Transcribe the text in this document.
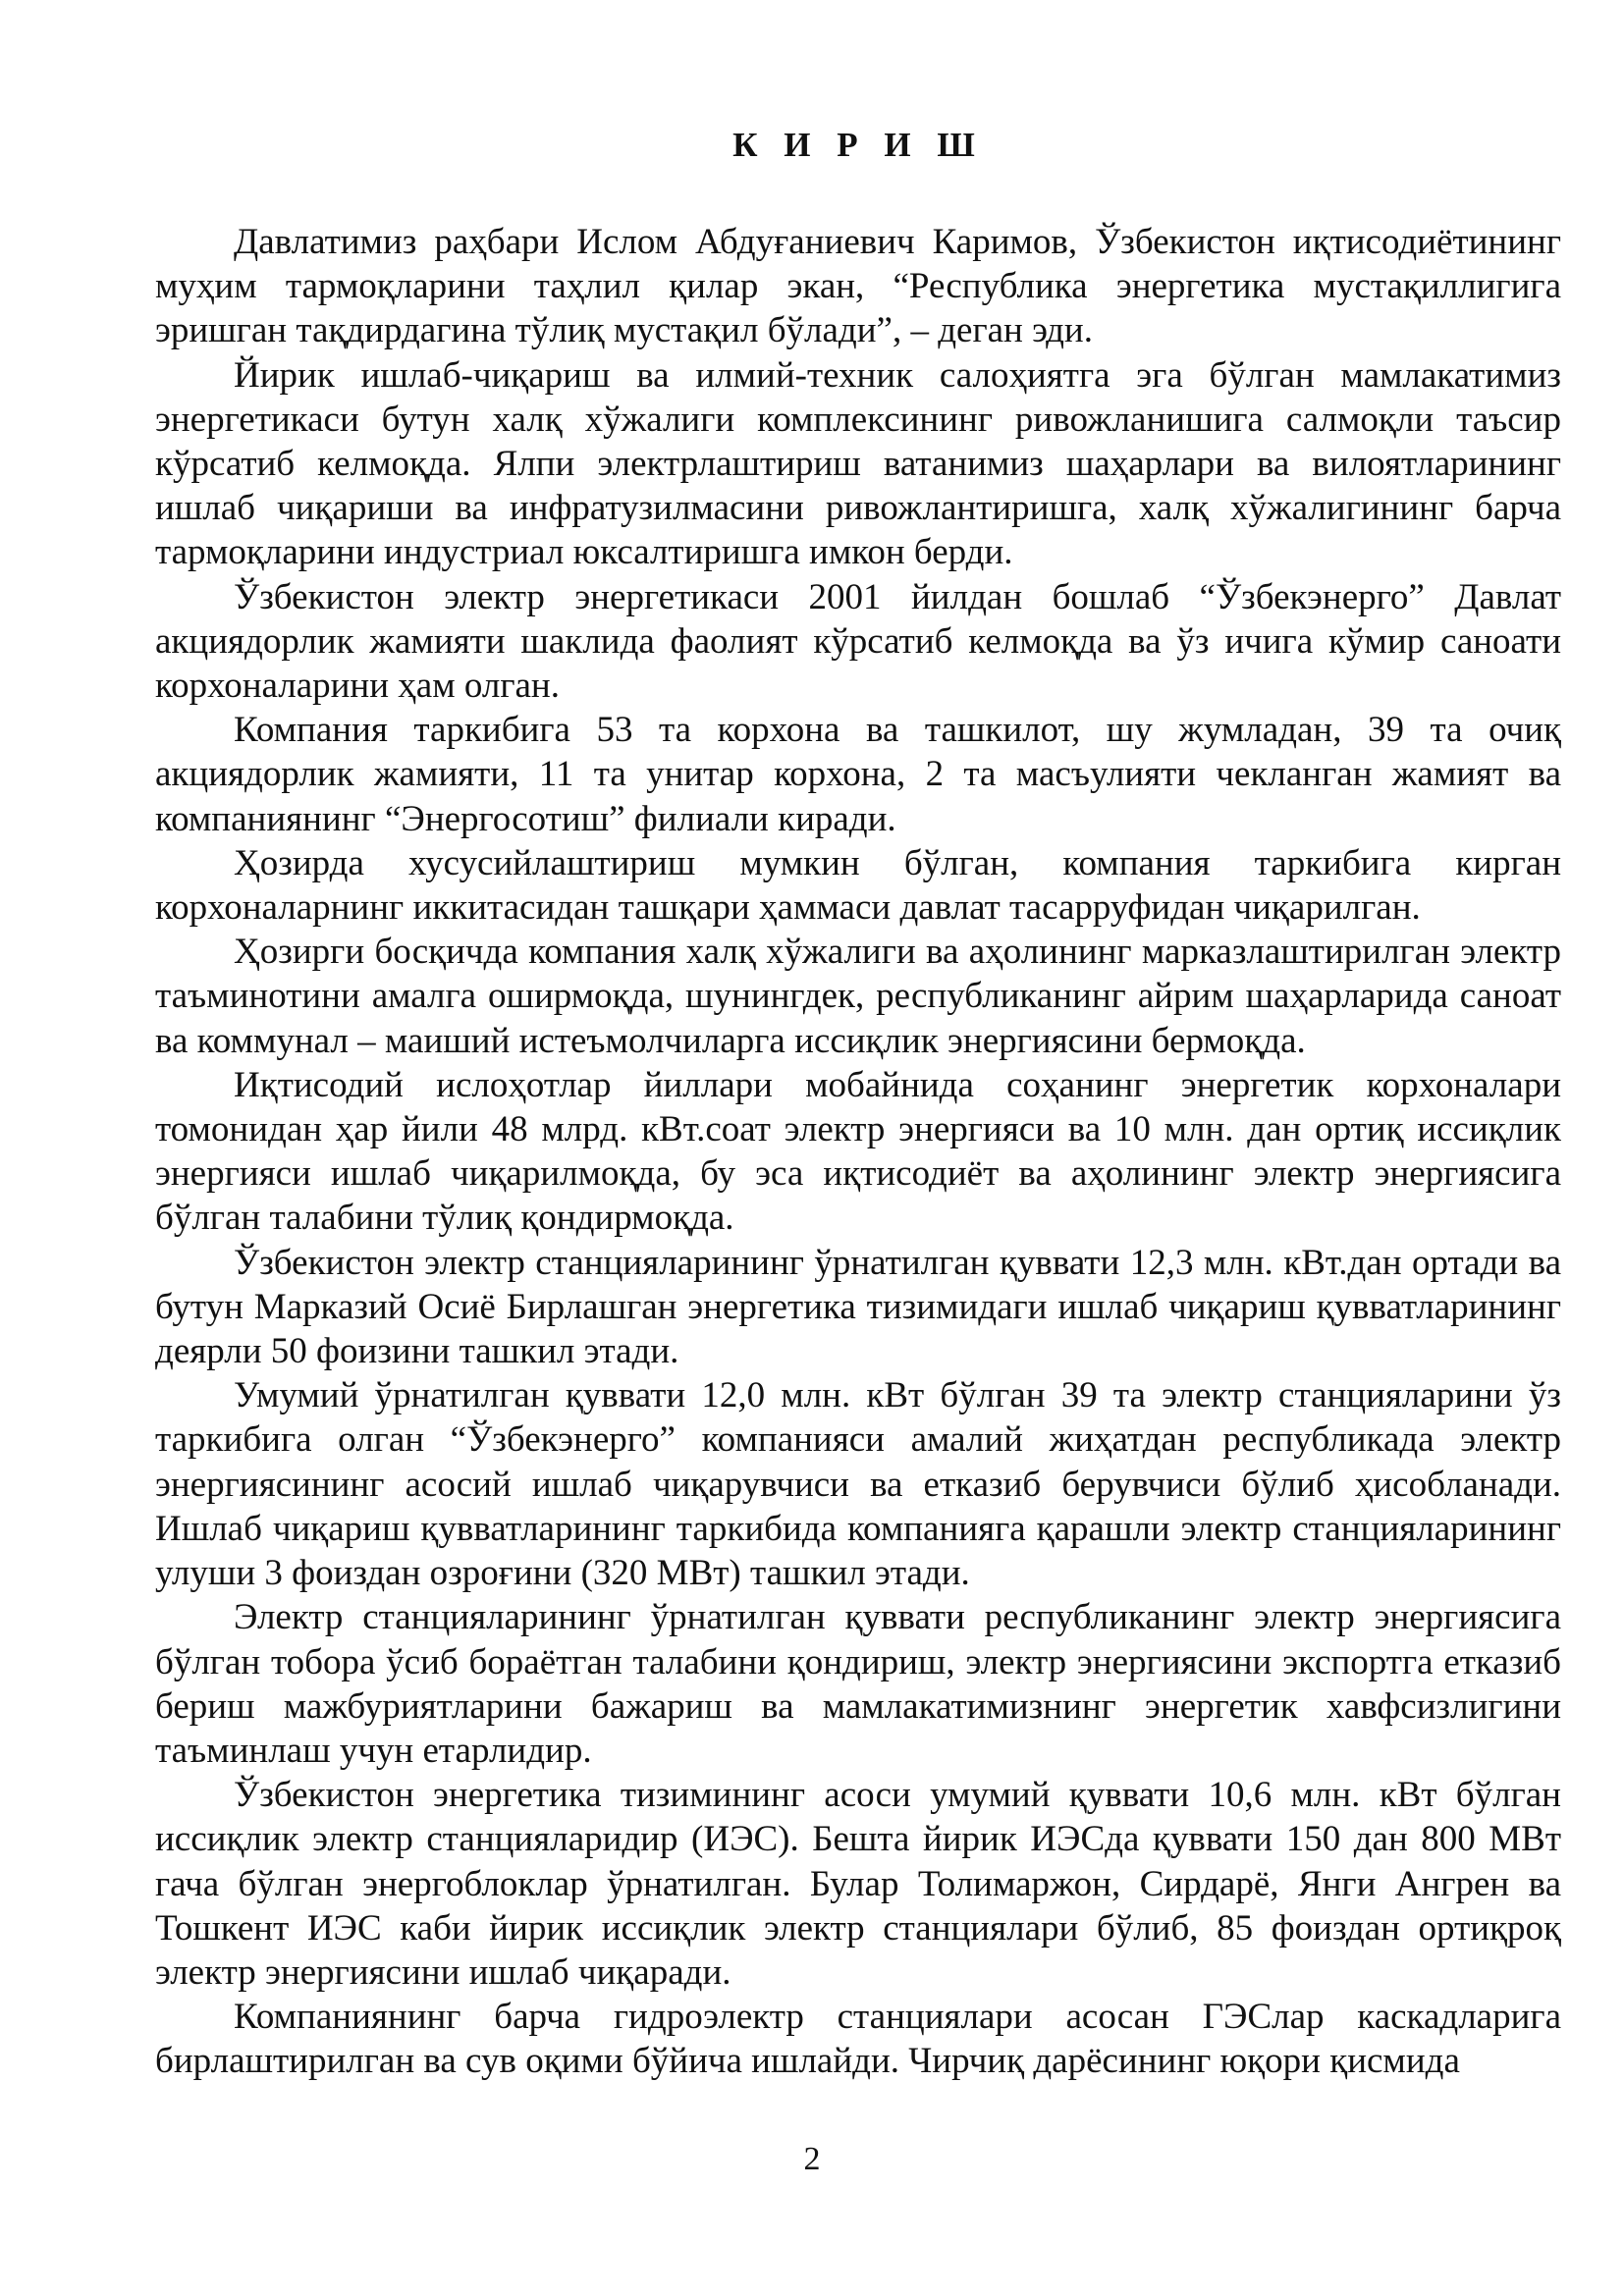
К И Р И Ш

Давлатимиз раҳбари Ислом Абдуғаниевич Каримов, Ўзбекистон иқтисодиётининг муҳим тармоқларини таҳлил қилар экан, “Республика энергетика мустақиллигига эришган тақдирдагина тўлиқ мустақил бўлади”, – деган эди.

Йирик ишлаб-чиқариш ва илмий-техник салоҳиятга эга бўлган мамлакатимиз энергетикаси бутун халқ хўжалиги комплексининг ривожланишига салмоқли таъсир кўрсатиб келмоқда. Ялпи электрлаштириш ватанимиз шаҳарлари ва вилоятларининг ишлаб чиқариши ва инфратузилмасини ривожлантиришга, халқ хўжалигининг барча тармоқларини индустриал юксалтиришга имкон берди.

Ўзбекистон электр энергетикаси 2001 йилдан бошлаб “Ўзбекэнерго” Давлат акциядорлик жамияти шаклида фаолият кўрсатиб келмоқда ва ўз ичига кўмир саноати корхоналарини ҳам олган.

Компания таркибига 53 та корхона ва ташкилот, шу жумладан, 39 та очиқ акциядорлик жамияти, 11 та унитар корхона, 2 та масъулияти чекланган жамият ва компаниянинг “Энергосотиш” филиали киради.

Ҳозирда хусусийлаштириш мумкин бўлган, компания таркибига кирган корхоналарнинг иккитасидан ташқари ҳаммаси давлат тасарруфидан чиқарилган.

Ҳозирги босқичда компания халқ хўжалиги ва аҳолининг марказлаштирилган электр таъминотини амалга оширмоқда, шунингдек, республиканинг айрим шаҳарларида саноат ва коммунал – маиший истеъмолчиларга иссиқлик энергиясини бермоқда.

Иқтисодий ислоҳотлар йиллари мобайнида соҳанинг энергетик корхоналари томонидан ҳар йили 48 млрд. кВт.соат электр энергияси ва 10 млн. дан ортиқ иссиқлик энергияси ишлаб чиқарилмоқда, бу эса иқтисодиёт ва аҳолининг электр энергиясига бўлган талабини тўлиқ қондирмоқда.

Ўзбекистон электр станцияларининг ўрнатилган қуввати 12,3 млн. кВт.дан ортади ва бутун Марказий Осиё Бирлашган энергетика тизимидаги ишлаб чиқариш қувватларининг деярли 50 фоизини ташкил этади.

Умумий ўрнатилган қуввати 12,0 млн. кВт бўлган 39 та электр станцияларини ўз таркибига олган “Ўзбекэнерго” компанияси амалий жиҳатдан республикада электр энергиясининг асосий ишлаб чиқарувчиси ва етказиб берувчиси бўлиб ҳисобланади. Ишлаб чиқариш қувватларининг таркибида компанияга қарашли электр станцияларининг улуши 3 фоиздан озроғини (320 МВт) ташкил этади.

Электр станцияларининг ўрнатилган қуввати республиканинг электр энергиясига бўлган тобора ўсиб бораётган талабини қондириш, электр энергиясини экспортга етказиб бериш мажбуриятларини бажариш ва мамлакатимизнинг энергетик хавфсизлигини таъминлаш учун етарлидир.

Ўзбекистон энергетика тизимининг асоси умумий қуввати 10,6 млн. кВт бўлган иссиқлик электр станцияларидир (ИЭС). Бешта йирик ИЭСда қуввати 150 дан 800 МВт гача бўлган энергоблоклар ўрнатилган. Булар Толимаржон, Сирдарё, Янги Ангрен ва Тошкент ИЭС каби йирик иссиқлик электр станциялари бўлиб, 85 фоиздан ортиқроқ электр энергиясини ишлаб чиқаради.

Компаниянинг барча гидроэлектр станциялари асосан ГЭСлар каскадларига бирлаштирилган ва сув оқими бўйича ишлайди. Чирчиқ дарёсининг юқори қисмида

2
